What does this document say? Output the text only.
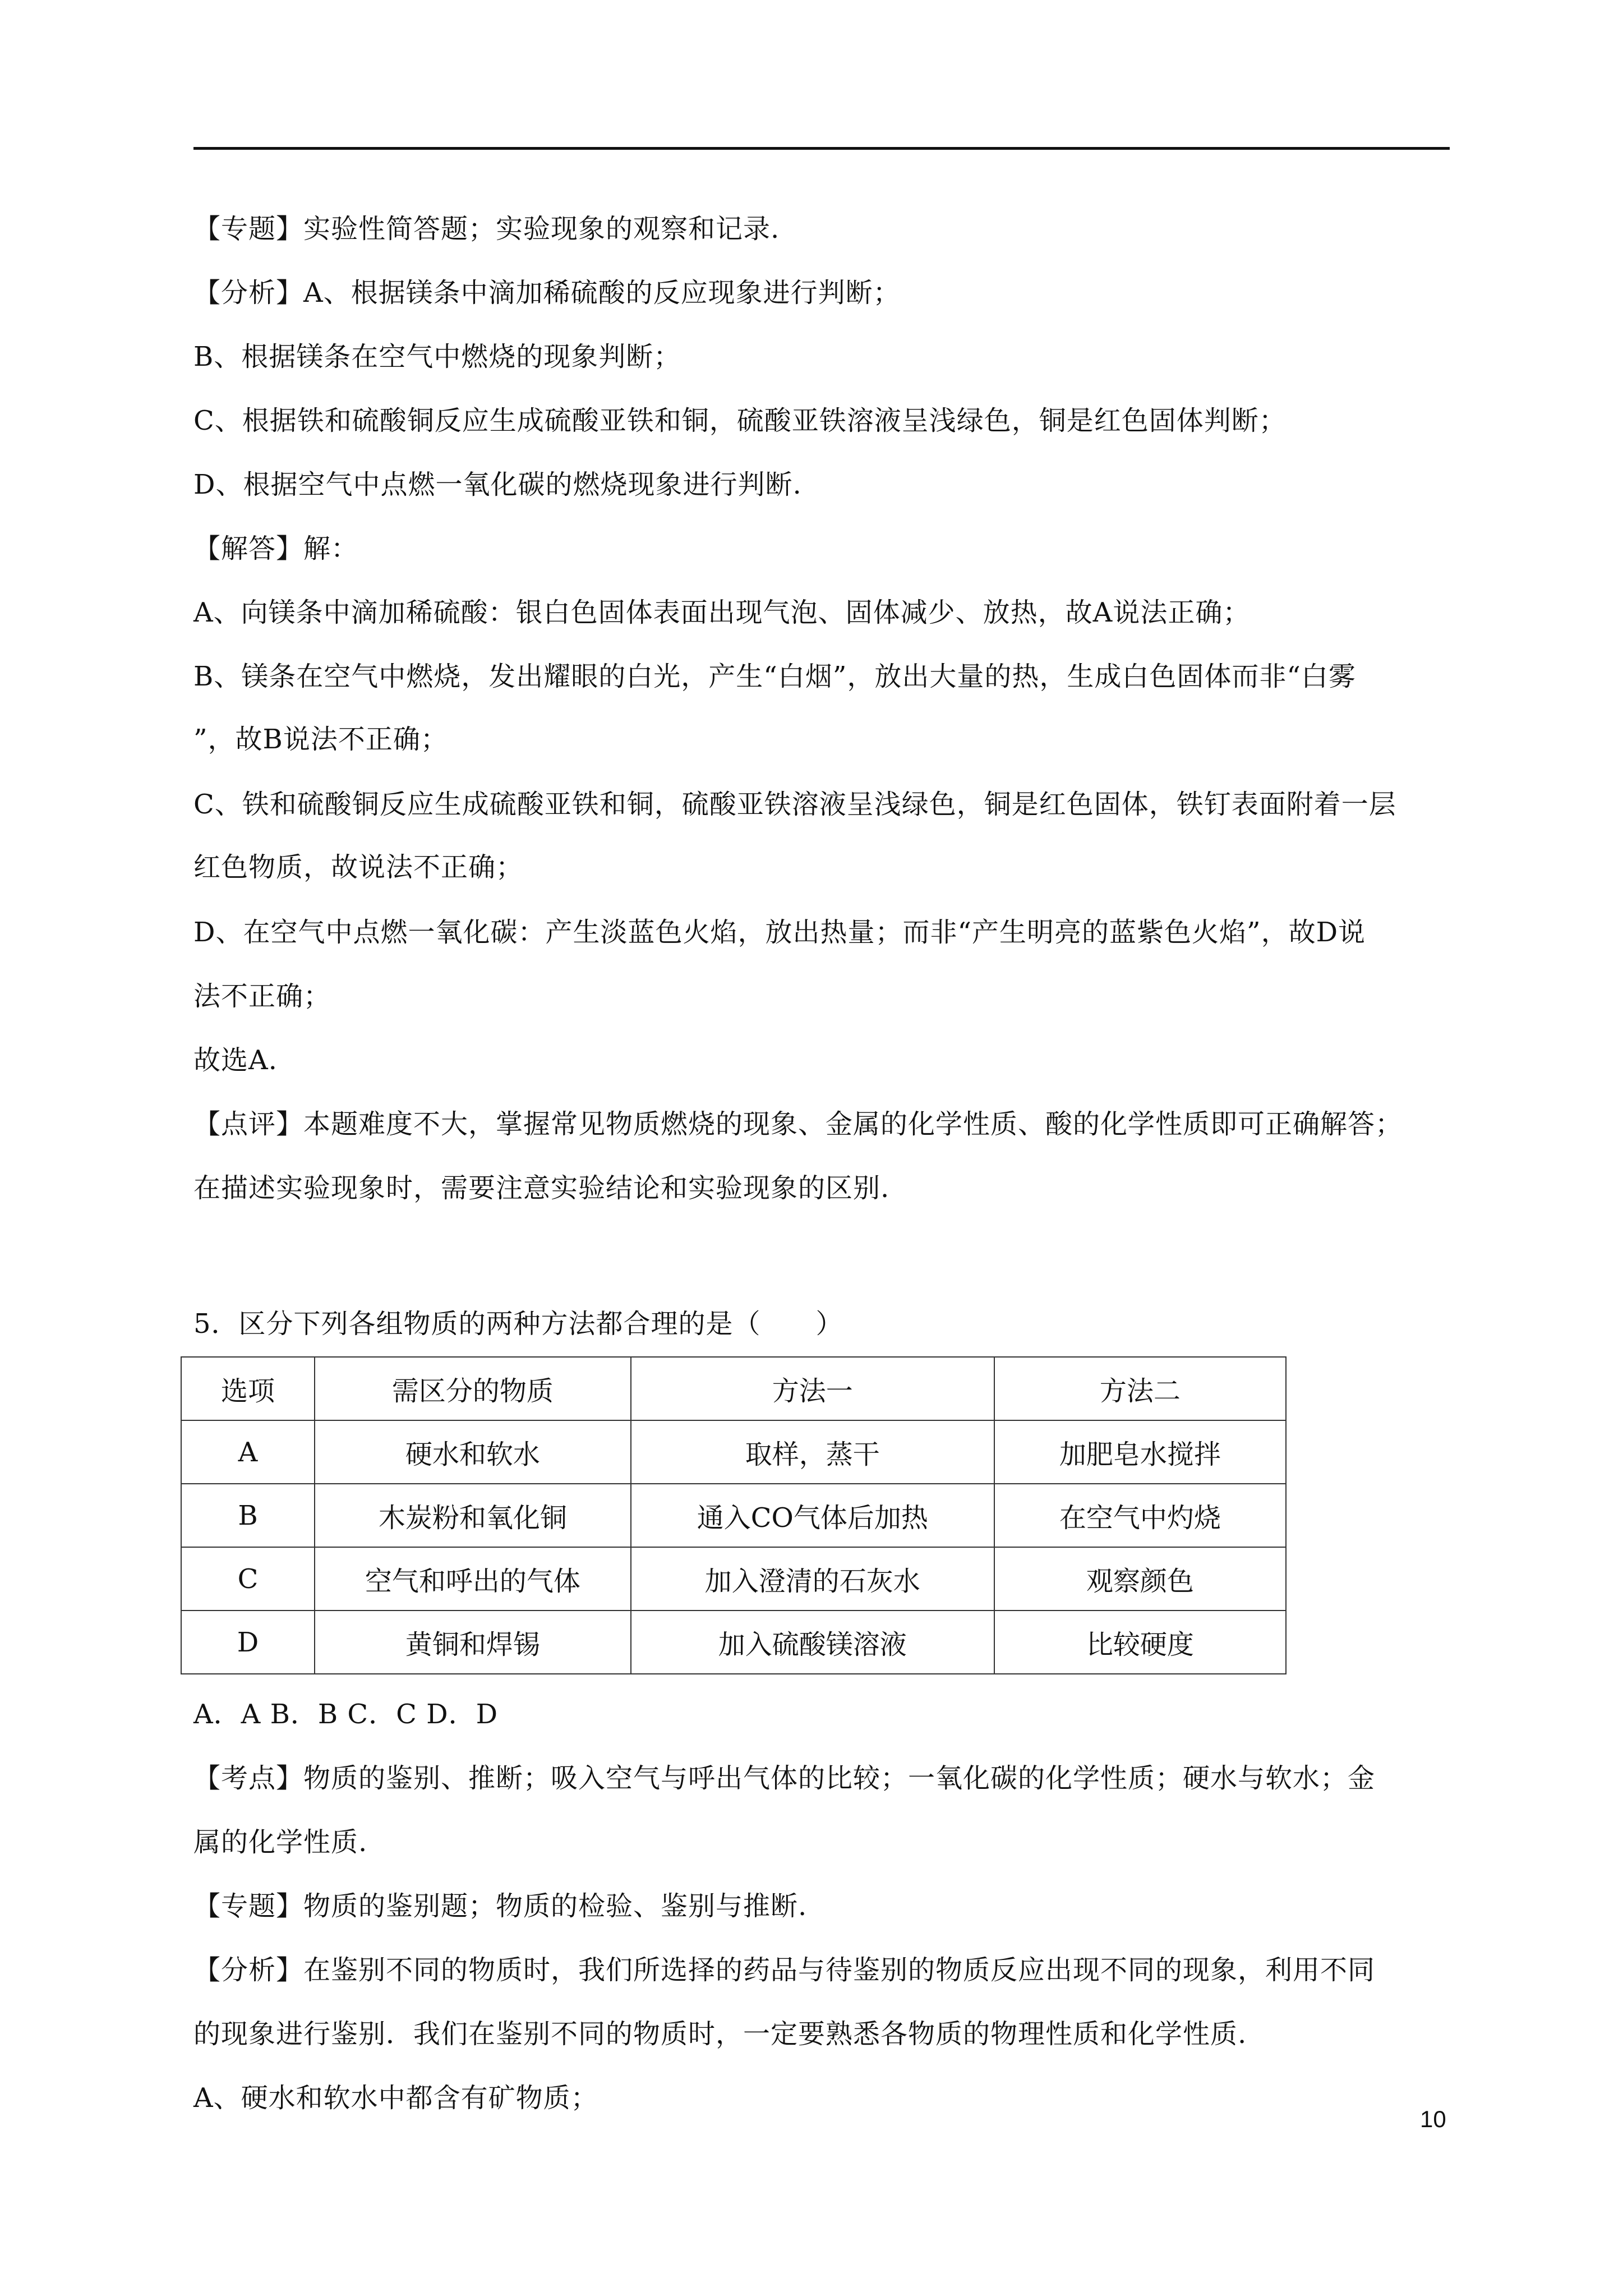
【专题】实验性简答题；实验现象的观察和记录.
【分析】A、根据镁条中滴加稀硫酸的反应现象进行判断；
B、根据镁条在空气中燃烧的现象判断；
C、根据铁和硫酸铜反应生成硫酸亚铁和铜，硫酸亚铁溶液呈浅绿色，铜是红色固体判断；
D、根据空气中点燃一氧化碳的燃烧现象进行判断.
【解答】解：
A、向镁条中滴加稀硫酸：银白色固体表面出现气泡、固体减少、放热，故A说法正确；
B、镁条在空气中燃烧，发出耀眼的白光，产生“白烟”，放出大量的热，生成白色固体而非“白雾
”，故B说法不正确；
C、铁和硫酸铜反应生成硫酸亚铁和铜，硫酸亚铁溶液呈浅绿色，铜是红色固体，铁钉表面附着一层
红色物质，故说法不正确；
D、在空气中点燃一氧化碳：产生淡蓝色火焰，放出热量；而非“产生明亮的蓝紫色火焰”，故D说
法不正确；
故选A.
【点评】本题难度不大，掌握常见物质燃烧的现象、金属的化学性质、酸的化学性质即可正确解答；
在描述实验现象时，需要注意实验结论和实验现象的区别.
5．区分下列各组物质的两种方法都合理的是（　　）
选项	需区分的物质	方法一	方法二
A	硬水和软水	取样，蒸干	加肥皂水搅拌
B	木炭粉和氧化铜	通入CO气体后加热	在空气中灼烧
C	空气和呼出的气体	加入澄清的石灰水	观察颜色
D	黄铜和焊锡	加入硫酸镁溶液	比较硬度
A．A B．B C．C D．D
【考点】物质的鉴别、推断；吸入空气与呼出气体的比较；一氧化碳的化学性质；硬水与软水；金
属的化学性质.
【专题】物质的鉴别题；物质的检验、鉴别与推断.
【分析】在鉴别不同的物质时，我们所选择的药品与待鉴别的物质反应出现不同的现象，利用不同
的现象进行鉴别．我们在鉴别不同的物质时，一定要熟悉各物质的物理性质和化学性质.
A、硬水和软水中都含有矿物质；
10
